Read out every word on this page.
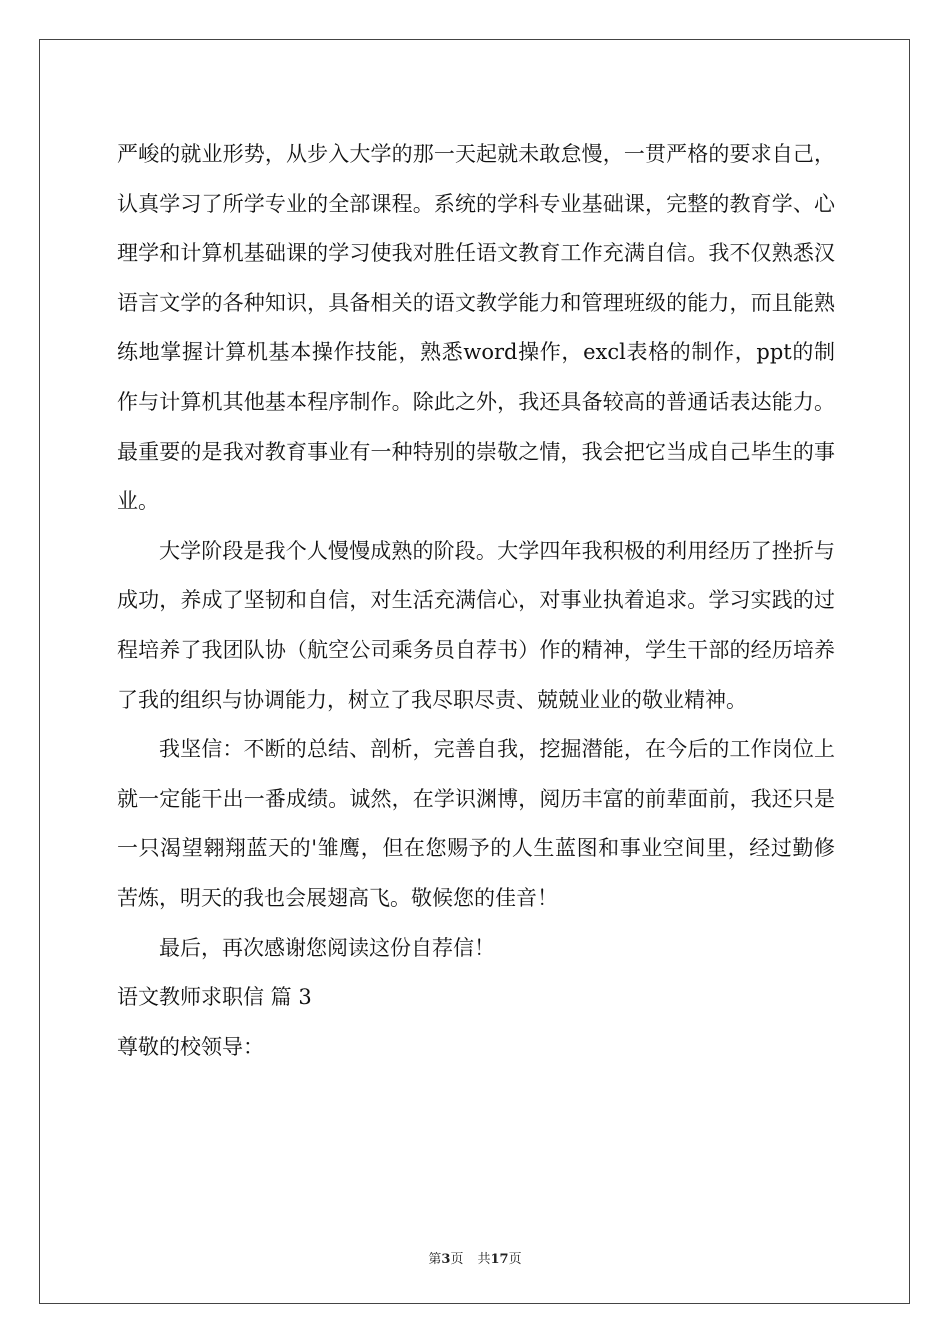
严峻的就业形势，从步入大学的那一天起就未敢怠慢，一贯严格的要求自己，认真学习了所学专业的全部课程。系统的学科专业基础课，完整的教育学、心理学和计算机基础课的学习使我对胜任语文教育工作充满自信。我不仅熟悉汉语言文学的各种知识，具备相关的语文教学能力和管理班级的能力，而且能熟练地掌握计算机基本操作技能，熟悉word操作，excl表格的制作，ppt的制作与计算机其他基本程序制作。除此之外，我还具备较高的普通话表达能力。最重要的是我对教育事业有一种特别的崇敬之情，我会把它当成自己毕生的事业。

大学阶段是我个人慢慢成熟的阶段。大学四年我积极的利用经历了挫折与成功，养成了坚韧和自信，对生活充满信心，对事业执着追求。学习实践的过程培养了我团队协（航空公司乘务员自荐书）作的精神，学生干部的经历培养了我的组织与协调能力，树立了我尽职尽责、兢兢业业的敬业精神。

我坚信：不断的总结、剖析，完善自我，挖掘潜能，在今后的工作岗位上就一定能干出一番成绩。诚然，在学识渊博，阅历丰富的前辈面前，我还只是一只渴望翱翔蓝天的'雏鹰，但在您赐予的人生蓝图和事业空间里，经过勤修苦炼，明天的我也会展翅高飞。敬候您的佳音！

最后，再次感谢您阅读这份自荐信！

语文教师求职信 篇 3

尊敬的校领导：

第3页 共17页
